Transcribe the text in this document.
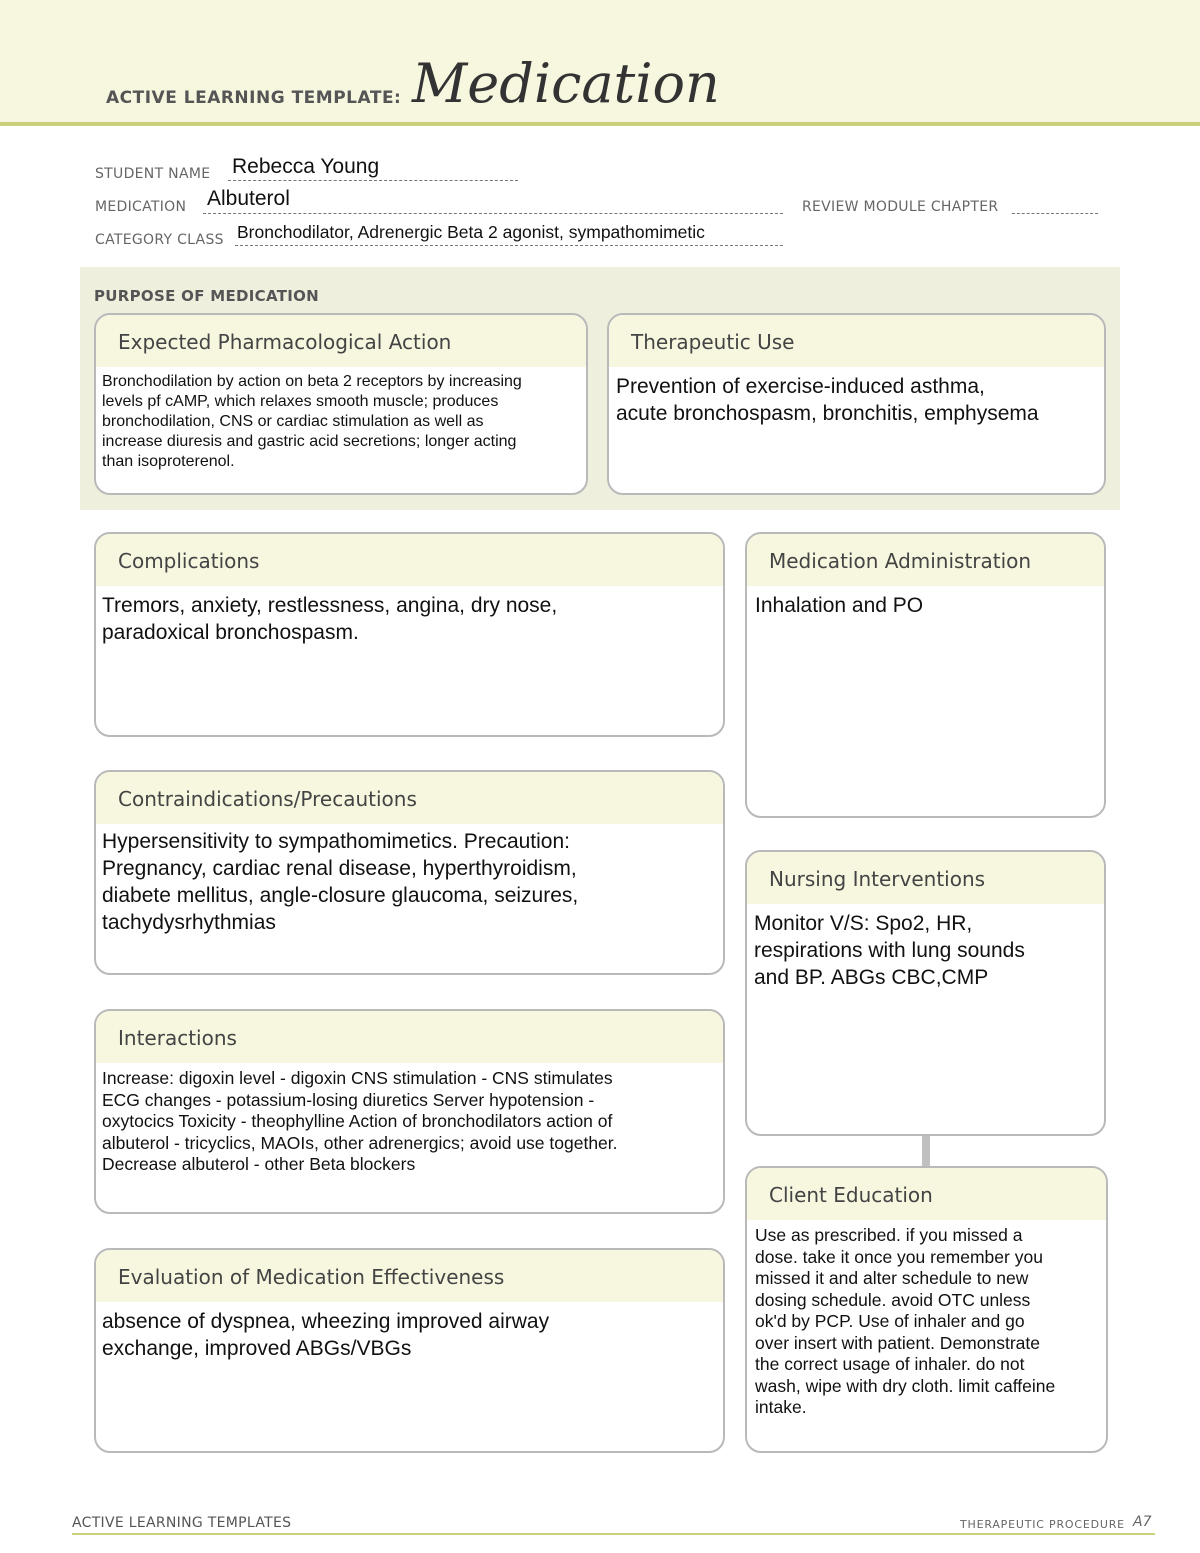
ACTIVE LEARNING TEMPLATE: Medication
STUDENT NAME Rebecca Young
MEDICATION Albuterol	REVIEW MODULE CHAPTER
CATEGORY CLASS Bronchodilator, Adrenergic Beta 2 agonist, sympathomimetic
PURPOSE OF MEDICATION
Expected Pharmacological Action
Bronchodilation by action on beta 2 receptors by increasing
levels pf cAMP, which relaxes smooth muscle; produces
bronchodilation, CNS or cardiac stimulation as well as
increase diuresis and gastric acid secretions; longer acting
than isoproterenol.
Therapeutic Use
Prevention of exercise-induced asthma,
acute bronchospasm, bronchitis, emphysema
Complications
Tremors, anxiety, restlessness, angina, dry nose,
paradoxical bronchospasm.
Medication Administration
Inhalation and PO
Contraindications/Precautions
Hypersensitivity to sympathomimetics. Precaution:
Pregnancy, cardiac renal disease, hyperthyroidism,
diabete mellitus, angle-closure glaucoma, seizures,
tachydysrhythmias
Nursing Interventions
Monitor V/S: Spo2, HR,
respirations with lung sounds
and BP. ABGs CBC,CMP
Interactions
Increase: digoxin level - digoxin CNS stimulation - CNS stimulates
ECG changes - potassium-losing diuretics Server hypotension -
oxytocics Toxicity - theophylline Action of bronchodilators action of
albuterol - tricyclics, MAOIs, other adrenergics; avoid use together.
Decrease albuterol - other Beta blockers
Client Education
Use as prescribed. if you missed a
dose. take it once you remember you
missed it and alter schedule to new
dosing schedule. avoid OTC unless
ok'd by PCP. Use of inhaler and go
over insert with patient. Demonstrate
the correct usage of inhaler. do not
wash, wipe with dry cloth. limit caffeine
intake.
Evaluation of Medication Effectiveness
absence of dyspnea, wheezing improved airway
exchange, improved ABGs/VBGs
ACTIVE LEARNING TEMPLATES	THERAPEUTIC PROCEDURE A7
